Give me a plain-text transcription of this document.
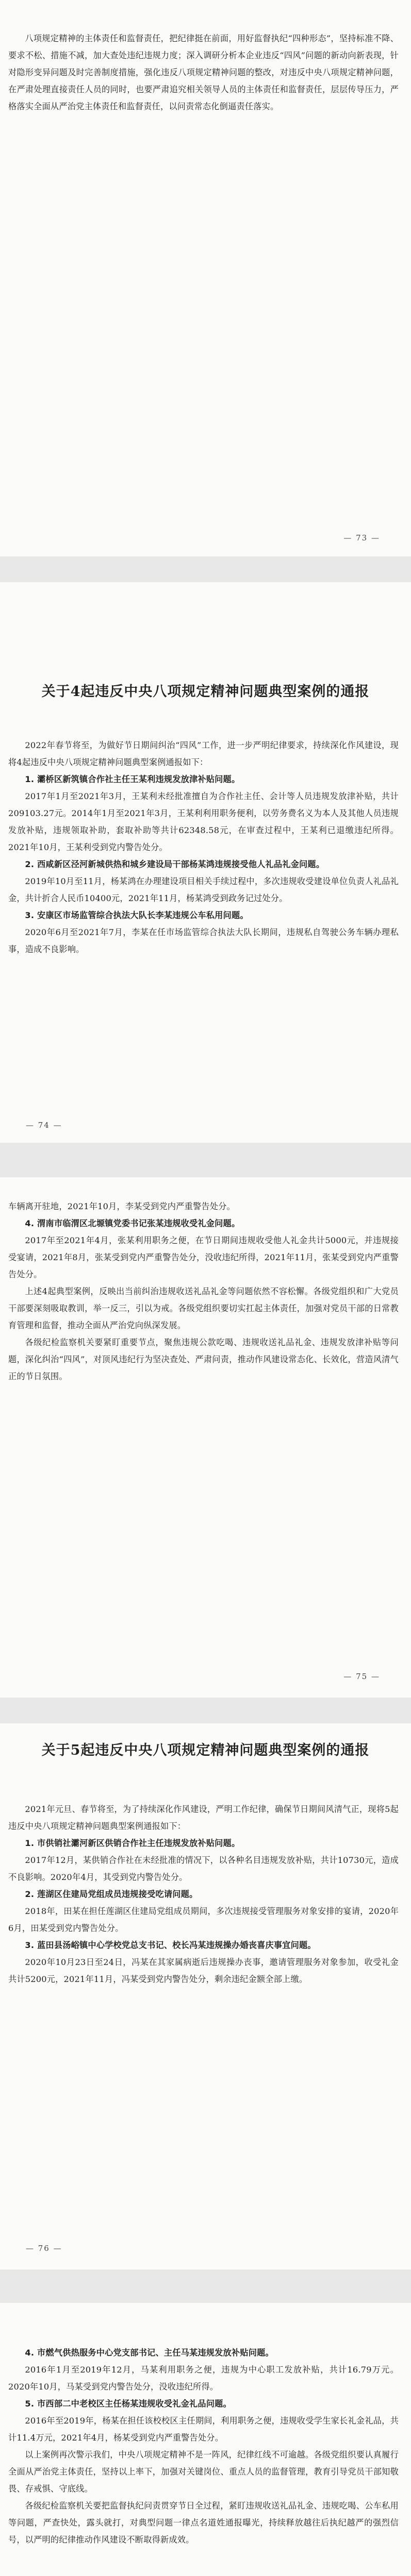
八项规定精神的主体责任和监督责任，把纪律挺在前面，用好监督执纪“四种形态”，坚持标准不降、要求不松、措施不减，加大查处违纪违规力度；深入调研分析本企业违反“四风”问题的新动向新表现，针对隐形变异问题及时完善制度措施，强化违反八项规定精神问题的整改，对违反中央八项规定精神问题，在严肃处理直接责任人员的同时，也要严肃追究相关领导人员的主体责任和监督责任，层层传导压力，严格落实全面从严治党主体责任和监督责任，以问责常态化倒逼责任落实。

— 73 —
关于4起违反中央八项规定精神问题典型案例的通报

2022年春节将至，为做好节日期间纠治“四风”工作，进一步严明纪律要求，持续深化作风建设，现将4起违反中央八项规定精神问题典型案例通报如下：

1. 灞桥区新筑镇合作社主任王某利违规发放津补贴问题。

2017年1月至2021年3月，王某利未经批准擅自为合作社主任、会计等人员违规发放津补贴，共计209103.27元。2014年1月至2021年3月，王某利利用职务便利，以劳务费名义为本人及其他人员违规发放补贴，违规领取补助，套取补助等共计62348.58元，在审查过程中，王某利已退缴违纪所得。2021年10月，王某利受到党内警告处分。

2. 西咸新区泾河新城供热和城乡建设局干部杨某鸿违规接受他人礼品礼金问题。

2019年10月至11月，杨某鸿在办理建设项目相关手续过程中，多次违规收受建设单位负责人礼品礼金，共计折合人民币10400元，2021年11月，杨某鸿受到政务记过处分。

3. 安康区市场监管综合执法大队长李某违规公车私用问题。

2020年6月至2021年7月，李某在任市场监管综合执法大队长期间，违规私自驾驶公务车辆办理私事，造成不良影响。

— 74 —

车辆离开驻地，2021年10月，李某受到党内严重警告处分。

4. 渭南市临渭区北塬镇党委书记张某违规收受礼金问题。

2017年至2021年4月，张某利用职务之便，在节日期间违规收受他人礼金共计5000元，并违规接受宴请，2021年8月，张某受到党内严重警告处分，没收违纪所得，2021年11月，张某受到党内严重警告处分。

上述4起典型案例，反映出当前纠治违规收送礼品礼金等问题依然不容松懈。各级党组织和广大党员干部要深刻吸取教训，举一反三，引以为戒。各级党组织要切实扛起主体责任，加强对党员干部的日常教育管理和监督，推动全面从严治党向纵深发展。

各级纪检监察机关要紧盯重要节点，聚焦违规公款吃喝、违规收送礼品礼金、违规发放津补贴等问题，深化纠治“四风”，对顶风违纪行为坚决查处、严肃问责，推动作风建设常态化、长效化，营造风清气正的节日氛围。

— 75 —
关于5起违反中央八项规定精神问题典型案例的通报

2021年元旦、春节将至，为了持续深化作风建设，严明工作纪律，确保节日期间风清气正，现将5起违反中央八项规定精神问题典型案例通报如下：

1. 市供销社灞河新区供销合作社主任违规发放补贴问题。

2017年12月，某供销合作社在未经批准的情况下，以各种名目违规发放补贴，共计10730元，造成不良影响。2020年4月，其受到党内警告处分。

2. 莲湖区住建局党组成员违规接受吃请问题。

2018年，田某在担任莲湖区住建局党组成员期间，多次违规接受管理服务对象安排的宴请，2020年6月，田某受到党内警告处分。

3. 蓝田县汤峪镇中心学校党总支书记、校长冯某违规操办婚丧喜庆事宜问题。

2020年10月23日至24日，冯某在其家属病逝后违规操办丧事，邀请管理服务对象参加，收受礼金共计5200元，2021年11月，冯某受到党内警告处分，剩余违纪金额全部上缴。

— 76 —

4. 市燃气供热服务中心党支部书记、主任马某违规发放补贴问题。

2016年1月至2019年12月，马某利用职务之便，违规为中心职工发放补贴，共计16.79万元。2020年10月，马某受到党内警告处分，没收违纪所得。

5. 市西部二中老校区主任杨某违规收受礼金礼品问题。

2016年至2019年，杨某在担任该校校区主任期间，利用职务之便，违规收受学生家长礼金礼品，共计11.4万元，2021年4月，杨某受到党内严重警告处分。

以上案例再次警示我们，中央八项规定精神不是一阵风，纪律红线不可逾越。各级党组织要认真履行全面从严治党主体责任，坚持以上率下，加强对关键岗位、重点人员的监督管理，教育引导党员干部知敬畏、存戒惧、守底线。

各级纪检监察机关要把监督执纪问责贯穿节日全过程，紧盯违规收送礼品礼金、违规吃喝、公车私用等问题，严查快处，露头就打，对典型问题一律点名道姓通报曝光，持续释放越往后执纪越严的强烈信号，以严明的纪律推动作风建设不断取得新成效。
